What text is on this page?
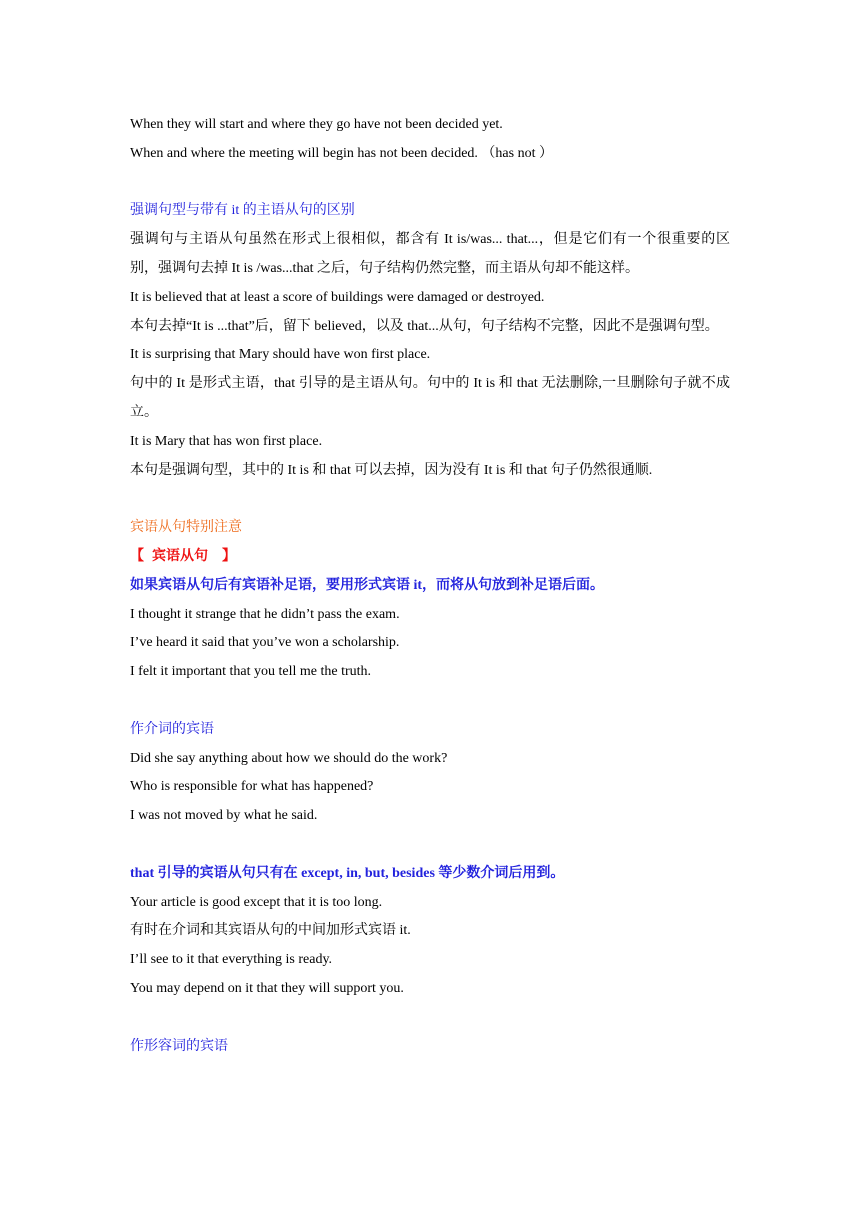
When they will start and where they go have not been decided yet.
When and where the meeting will begin has not been decided. （has not ）
强调句型与带有 it 的主语从句的区别
强调句与主语从句虽然在形式上很相似，都含有 It is/was... that...，但是它们有一个很重要的区别，强调句去掉 It is /was...that 之后，句子结构仍然完整，而主语从句却不能这样。
It is believed that at least a score of buildings were damaged or destroyed.
本句去掉“It is ...that”后，留下 believed，以及 that...从句，句子结构不完整，因此不是强调句型。
It is surprising that Mary should have won first place.
句中的 It 是形式主语，that 引导的是主语从句。句中的 It is 和 that 无法删除,一旦删除句子就不成立。
It is Mary that has won first place.
本句是强调句型，其中的 It is 和 that 可以去掉，因为没有 It is 和 that 句子仍然很通顺.
宾语从句特别注意
【 宾语从句 】
如果宾语从句后有宾语补足语，要用形式宾语 it，而将从句放到补足语后面。
I thought it strange that he didn’t pass the exam.
I’ve heard it said that you’ve won a scholarship.
I felt it important that you tell me the truth.
作介词的宾语
Did she say anything about how we should do the work?
Who is responsible for what has happened?
I was not moved by what he said.
that 引导的宾语从句只有在 except, in, but, besides 等少数介词后用到。
Your article is good except that it is too long.
有时在介词和其宾语从句的中间加形式宾语 it.
I’ll see to it that everything is ready.
You may depend on it that they will support you.
作形容词的宾语
